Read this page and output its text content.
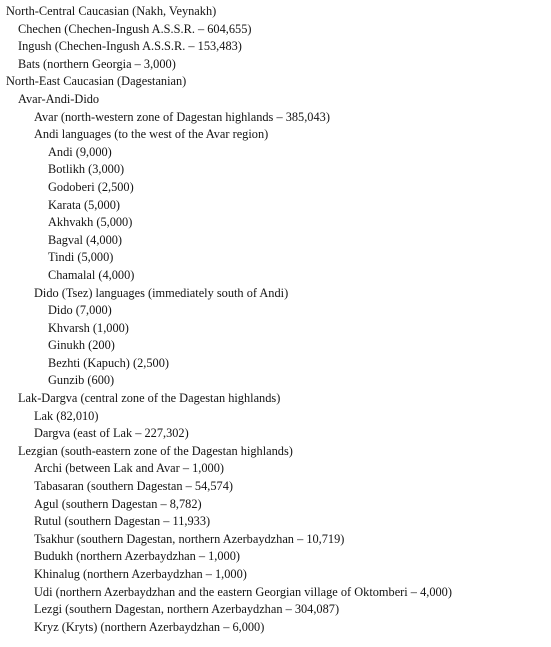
North-Central Caucasian (Nakh, Veynakh)

Chechen (Chechen-Ingush A.S.S.R. – 604,655)

Ingush (Chechen-Ingush A.S.S.R. – 153,483)

Bats (northern Georgia – 3,000)

North-East Caucasian (Dagestanian)

Avar-Andi-Dido

Avar (north-western zone of Dagestan highlands – 385,043)

Andi languages (to the west of the Avar region)

Andi (9,000)

Botlikh (3,000)

Godoberi (2,500)

Karata (5,000)

Akhvakh (5,000)

Bagval (4,000)

Tindi (5,000)

Chamalal (4,000)

Dido (Tsez) languages (immediately south of Andi)

Dido (7,000)

Khvarsh (1,000)

Ginukh (200)

Bezhti (Kapuch) (2,500)

Gunzib (600)

Lak-Dargva (central zone of the Dagestan highlands)

Lak (82,010)

Dargva (east of Lak – 227,302)

Lezgian (south-eastern zone of the Dagestan highlands)

Archi (between Lak and Avar – 1,000)

Tabasaran (southern Dagestan – 54,574)

Agul (southern Dagestan – 8,782)

Rutul (southern Dagestan – 11,933)

Tsakhur (southern Dagestan, northern Azerbaydzhan – 10,719)

Budukh (northern Azerbaydzhan – 1,000)

Khinalug (northern Azerbaydzhan – 1,000)

Udi (northern Azerbaydzhan and the eastern Georgian village of Oktomberi – 4,000)

Lezgi (southern Dagestan, northern Azerbaydzhan – 304,087)

Kryz (Kryts) (northern Azerbaydzhan – 6,000)
